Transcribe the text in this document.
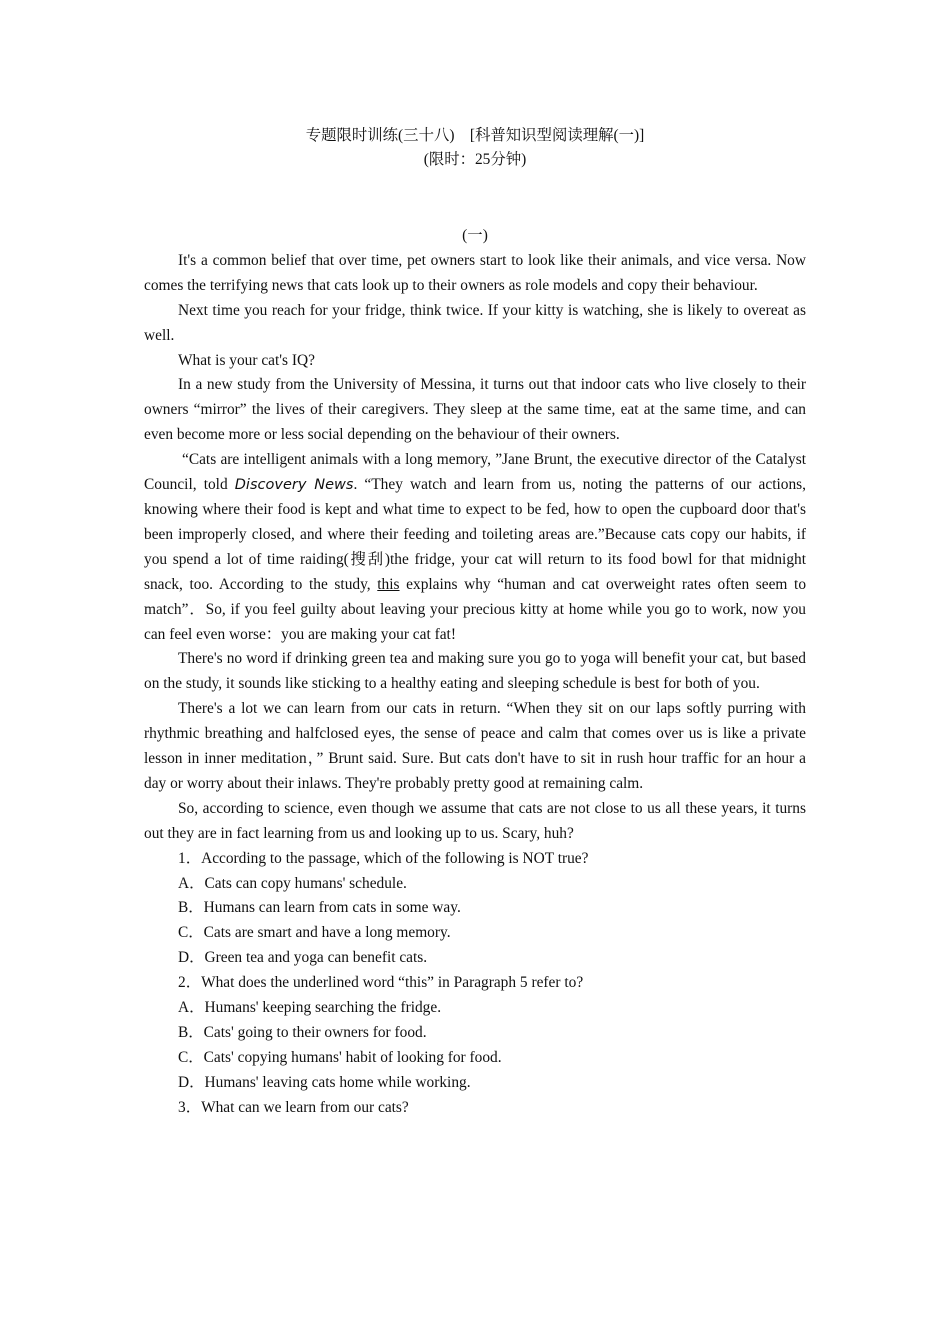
专题限时训练(三十八)　[科普知识型阅读理解(一)]
(限时：25分钟)
(一)

It's a common belief that over time, pet owners start to look like their animals, and vice versa. Now comes the terrifying news that cats look up to their owners as role models and copy their behaviour.

Next time you reach for your fridge, think twice. If your kitty is watching, she is likely to overeat as well.

What is your cat's IQ?

In a new study from the University of Messina, it turns out that indoor cats who live closely to their owners “mirror” the lives of their caregivers. They sleep at the same time, eat at the same time, and can even become more or less social depending on the behaviour of their owners.

“Cats are intelligent animals with a long memory, ”Jane Brunt, the executive director of the Catalyst Council, told Discovery News. “They watch and learn from us, noting the patterns of our actions, knowing where their food is kept and what time to expect to be fed, how to open the cupboard door that's been improperly closed, and where their feeding and toileting areas are.”Because cats copy our habits, if you spend a lot of time raiding(搜刮)the fridge, your cat will return to its food bowl for that midnight snack, too. According to the study, this explains why “human and cat overweight rates often seem to match”．So, if you feel guilty about leaving your precious kitty at home while you go to work, now you can feel even worse：you are making your cat fat!

There's no word if drinking green tea and making sure you go to yoga will benefit your cat, but based on the study, it sounds like sticking to a healthy eating and sleeping schedule is best for both of you.

There's a lot we can learn from our cats in return. “When they sit on our laps softly purring with rhythmic breathing and halfclosed eyes, the sense of peace and calm that comes over us is like a private lesson in inner meditation，” Brunt said. Sure. But cats don't have to sit in rush hour traffic for an hour a day or worry about their inlaws. They're probably pretty good at remaining calm.

So, according to science, even though we assume that cats are not close to us all these years, it turns out they are in fact learning from us and looking up to us. Scary, huh?

1．According to the passage, which of the following is NOT true?

A．Cats can copy humans' schedule.

B．Humans can learn from cats in some way.

C．Cats are smart and have a long memory.

D．Green tea and yoga can benefit cats.

2．What does the underlined word “this” in Paragraph 5 refer to?

A．Humans' keeping searching the fridge.

B．Cats' going to their owners for food.

C．Cats' copying humans' habit of looking for food.

D．Humans' leaving cats home while working.

3．What can we learn from our cats?
